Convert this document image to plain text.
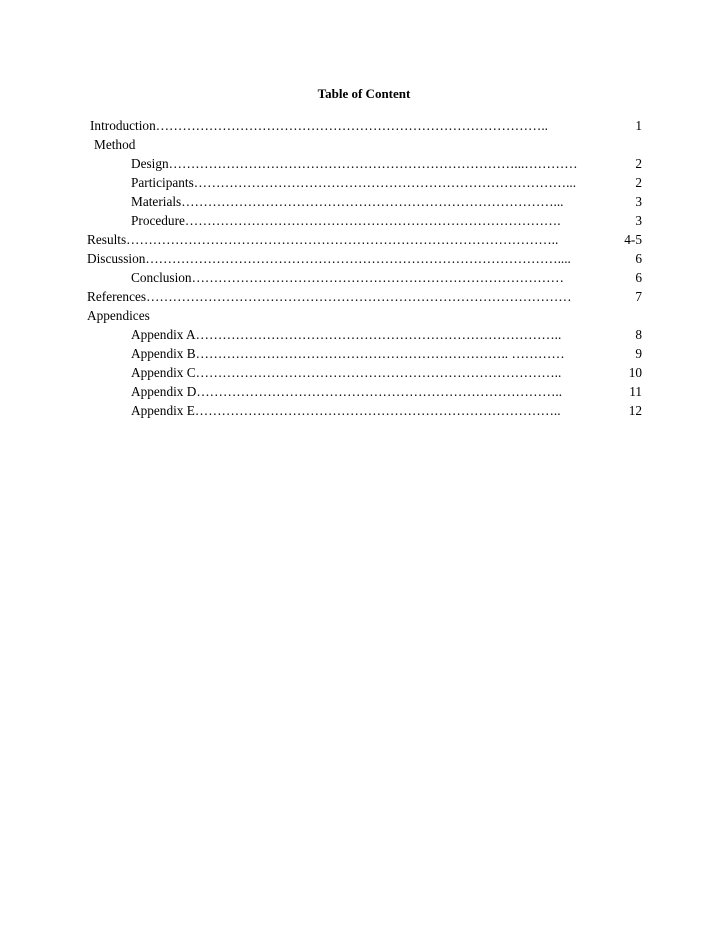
Table of Content
Introduction……………………………………………………………………………..	1
Method
Design……………………………………………………………………...…………	2
Participants…………………………………………………………………………...	2
Materials…………………………………………………………………………...	3
Procedure………………………………………………………………………….	3
Results……………………………………………………………………………………..	4-5
Discussion…………………………………………………………………………………....	6
Conclusion…………………………………………………………………………	6
References……………………………………………………………………………………	7
Appendices
Appendix A………………………………………………………………………..	8
Appendix B…………………………………………………………….. …………	9
Appendix C………………………………………………………………………..	10
Appendix D………………………………………………………………………..	11
Appendix E………………………………………………………………………..	12
